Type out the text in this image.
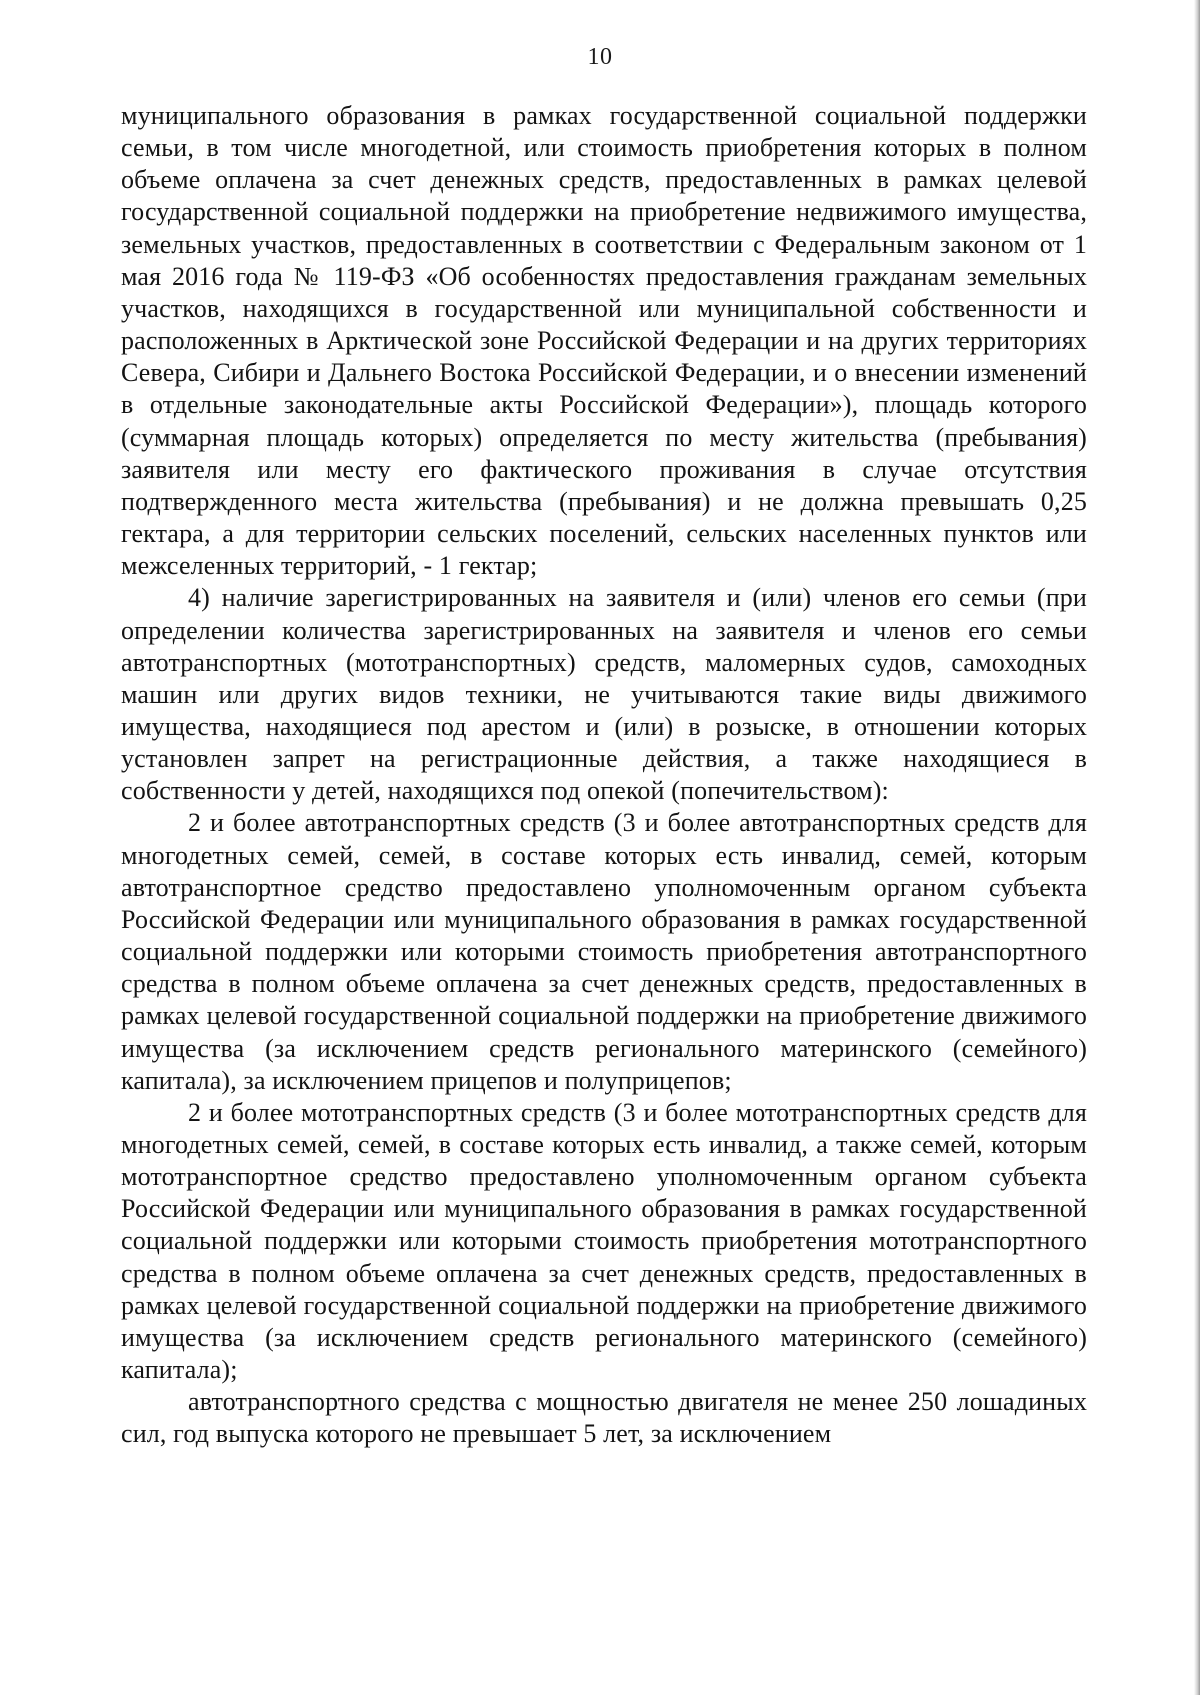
10

муниципального образования в рамках государственной социальной поддержки семьи, в том числе многодетной, или стоимость приобретения которых в полном объеме оплачена за счет денежных средств, предоставленных в рамках целевой государственной социальной поддержки на приобретение недвижимого имущества, земельных участков, предоставленных в соответствии с Федеральным законом от 1 мая 2016 года № 119-ФЗ «Об особенностях предоставления гражданам земельных участков, находящихся в государственной или муниципальной собственности и расположенных в Арктической зоне Российской Федерации и на других территориях Севера, Сибири и Дальнего Востока Российской Федерации, и о внесении изменений в отдельные законодательные акты Российской Федерации»), площадь которого (суммарная площадь которых) определяется по месту жительства (пребывания) заявителя или месту его фактического проживания в случае отсутствия подтвержденного места жительства (пребывания) и не должна превышать 0,25 гектара, а для территории сельских поселений, сельских населенных пунктов или межселенных территорий, - 1 гектар;

4) наличие зарегистрированных на заявителя и (или) членов его семьи (при определении количества зарегистрированных на заявителя и членов его семьи автотранспортных (мототранспортных) средств, маломерных судов, самоходных машин или других видов техники, не учитываются такие виды движимого имущества, находящиеся под арестом и (или) в розыске, в отношении которых установлен запрет на регистрационные действия, а также находящиеся в собственности у детей, находящихся под опекой (попечительством):

2 и более автотранспортных средств (3 и более автотранспортных средств для многодетных семей, семей, в составе которых есть инвалид, семей, которым автотранспортное средство предоставлено уполномоченным органом субъекта Российской Федерации или муниципального образования в рамках государственной социальной поддержки или которыми стоимость приобретения автотранспортного средства в полном объеме оплачена за счет денежных средств, предоставленных в рамках целевой государственной социальной поддержки на приобретение движимого имущества (за исключением средств регионального материнского (семейного) капитала), за исключением прицепов и полуприцепов;

2 и более мототранспортных средств (3 и более мототранспортных средств для многодетных семей, семей, в составе которых есть инвалид, а также семей, которым мототранспортное средство предоставлено уполномоченным органом субъекта Российской Федерации или муниципального образования в рамках государственной социальной поддержки или которыми стоимость приобретения мототранспортного средства в полном объеме оплачена за счет денежных средств, предоставленных в рамках целевой государственной социальной поддержки на приобретение движимого имущества (за исключением средств регионального материнского (семейного) капитала);

автотранспортного средства с мощностью двигателя не менее 250 лошадиных сил, год выпуска которого не превышает 5 лет, за исключением
